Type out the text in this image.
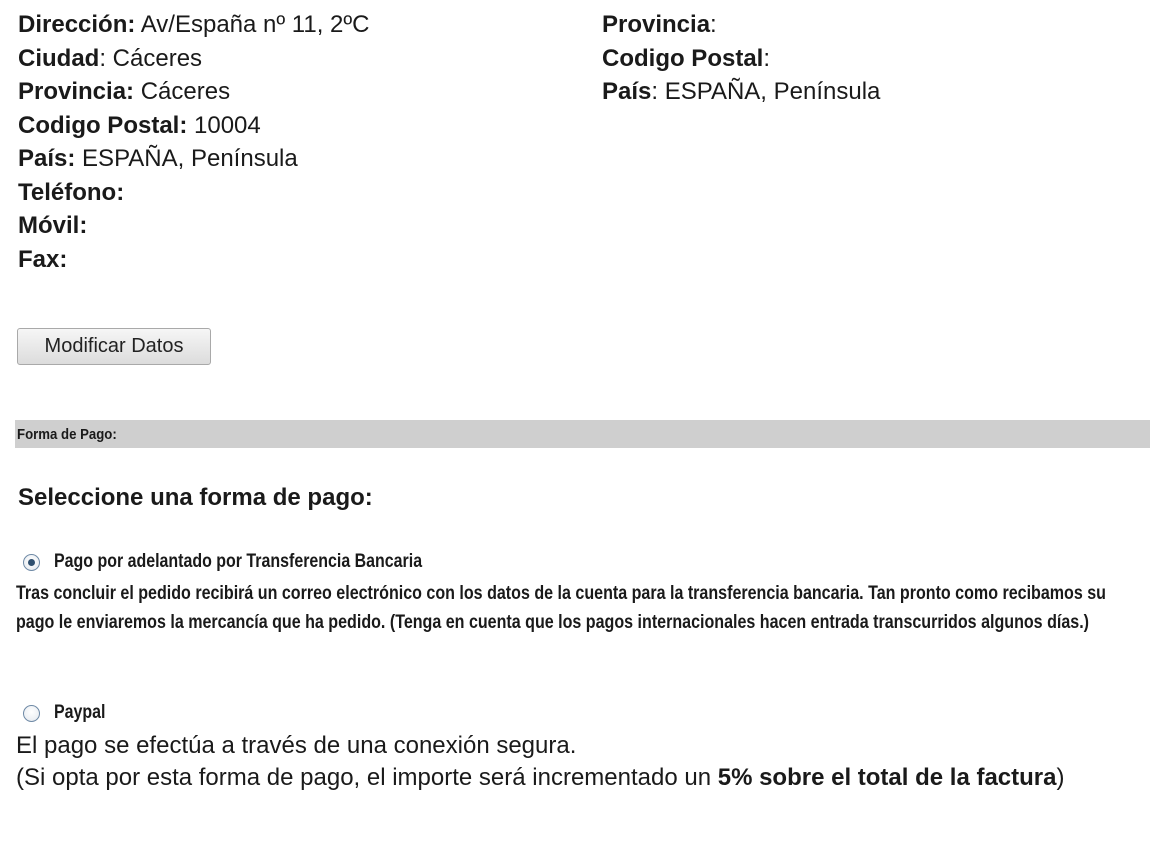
Dirección: Av/España nº 11, 2ºC
Ciudad: Cáceres
Provincia: Cáceres
Codigo Postal: 10004
País: ESPAÑA, Península
Teléfono:
Móvil:
Fax:
Provincia:
Codigo Postal:
País: ESPAÑA, Península
Modificar Datos
Forma de Pago:
Seleccione una forma de pago:
Pago por adelantado por Transferencia Bancaria
Tras concluir el pedido recibirá un correo electrónico con los datos de la cuenta para la transferencia bancaria. Tan pronto como recibamos su pago le enviaremos la mercancía que ha pedido. (Tenga en cuenta que los pagos internacionales hacen entrada transcurridos algunos días.)
Paypal
El pago se efectúa a través de una conexión segura.
(Si opta por esta forma de pago, el importe será incrementado un 5% sobre el total de la factura)
